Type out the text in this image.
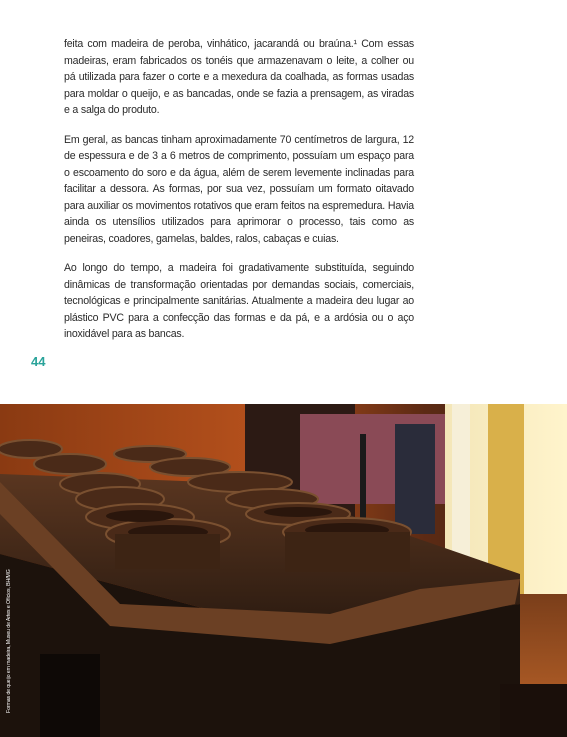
feita com madeira de peroba, vinhático, jacarandá ou braúna.¹ Com essas madeiras, eram fabricados os tonéis que armazenavam o leite, a colher ou pá utilizada para fazer o corte e a mexedura da coalhada, as formas usadas para moldar o queijo, e as bancadas, onde se fazia a prensagem, as viradas e a salga do produto.

Em geral, as bancas tinham aproximadamente 70 centímetros de largura, 12 de espessura e de 3 a 6 metros de comprimento, possuíam um espaço para o escoamento do soro e da água, além de serem levemente inclinadas para facilitar a dessora. As formas, por sua vez, possuíam um formato oitavado para auxiliar os movimentos rotativos que eram feitos na espremedura. Havia ainda os utensílios utilizados para aprimorar o processo, tais como as peneiras, coadores, gamelas, baldes, ralos, cabaças e cuias.

Ao longo do tempo, a madeira foi gradativamente substituída, seguindo dinâmicas de transformação orientadas por demandas sociais, comerciais, tecnológicas e principalmente sanitárias. Atualmente a madeira deu lugar ao plástico PVC para a confecção das formas e da pá, e a ardósia ou o aço inoxidável para as bancas.

44
Formas de queijo em madeira, Museu de Artes e Ofícios, BH/MG
